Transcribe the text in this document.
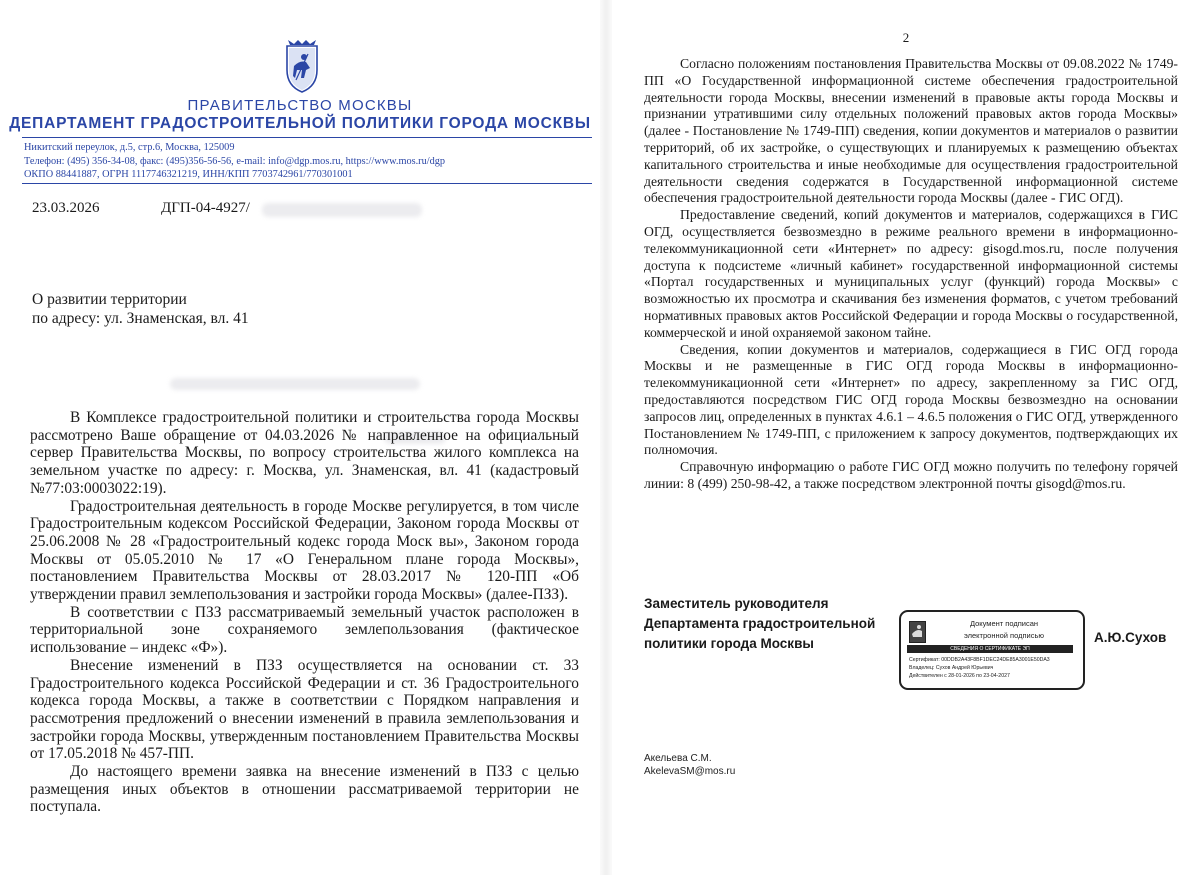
ПРАВИТЕЛЬСТВО МОСКВЫ
ДЕПАРТАМЕНТ ГРАДОСТРОИТЕЛЬНОЙ ПОЛИТИКИ ГОРОДА МОСКВЫ
Никитский переулок, д.5, стр.6, Москва, 125009
Телефон: (495) 356-34-08, факс: (495)356-56-56, e-mail: info@dgp.mos.ru, https://www.mos.ru/dgp
ОКПО 88441887, ОГРН 1117746321219, ИНН/КПП 7703742961/770301001
23.03.2026	ДГП-04-4927/
О развитии территории
по адресу: ул. Знаменская, вл. 41

В Комплексе градостроительной политики и строительства города Москвы рассмотрено Ваше обращение от 04.03.2026 № направленное на официальный сервер Правительства Москвы, по вопросу строительства жилого комплекса на земельном участке по адресу: г. Москва, ул. Знаменская, вл. 41 (кадастровый №77:03:0003022:19).

Градостроительная деятельность в городе Москве регулируется, в том числе Градостроительным кодексом Российской Федерации, Законом города Москвы от 25.06.2008 № 28 «Градостроительный кодекс города Моск вы», Законом города Москвы от 05.05.2010 № 17 «О Генеральном плане города Москвы», постановлением Правительства Москвы от 28.03.2017 № 120-ПП «Об утверждении правил землепользования и застройки города Москвы» (далее-ПЗЗ).

В соответствии с ПЗЗ рассматриваемый земельный участок расположен в территориальной зоне сохраняемого землепользования (фактическое использование – индекс «Ф»).

Внесение изменений в ПЗЗ осуществляется на основании ст. 33 Градостроительного кодекса Российской Федерации и ст. 36 Градостроительного кодекса города Москвы, а также в соответствии с Порядком направления и рассмотрения предложений о внесении изменений в правила землепользования и застройки города Москвы, утвержденным постановлением Правительства Москвы от 17.05.2018 № 457-ПП.

До настоящего времени заявка на внесение изменений в ПЗЗ с целью размещения иных объектов в отношении рассматриваемой территории не поступала.

2

Согласно положениям постановления Правительства Москвы от 09.08.2022 № 1749-ПП «О Государственной информационной системе обеспечения градостроительной деятельности города Москвы, внесении изменений в правовые акты города Москвы и признании утратившими силу отдельных положений правовых актов города Москвы» (далее - Постановление № 1749-ПП) сведения, копии документов и материалов о развитии территорий, об их застройке, о существующих и планируемых к размещению объектах капитального строительства и иные необходимые для осуществления градостроительной деятельности сведения содержатся в Государственной информационной системе обеспечения градостроительной деятельности города Москвы (далее - ГИС ОГД).

Предоставление сведений, копий документов и материалов, содержащихся в ГИС ОГД, осуществляется безвозмездно в режиме реального времени в информационно-телекоммуникационной сети «Интернет» по адресу: gisogd.mos.ru, после получения доступа к подсистеме «личный кабинет» государственной информационной системы «Портал государственных и муниципальных услуг (функций) города Москвы» с возможностью их просмотра и скачивания без изменения форматов, с учетом требований нормативных правовых актов Российской Федерации и города Москвы о государственной, коммерческой и иной охраняемой законом тайне.

Сведения, копии документов и материалов, содержащиеся в ГИС ОГД города Москвы и не размещенные в ГИС ОГД города Москвы в информационно-телекоммуникационной сети «Интернет» по адресу, закрепленному за ГИС ОГД, предоставляются посредством ГИС ОГД города Москвы безвозмездно на основании запросов лиц, определенных в пунктах 4.6.1 – 4.6.5 положения о ГИС ОГД, утвержденного Постановлением № 1749-ПП, с приложением к запросу документов, подтверждающих их полномочия.

Справочную информацию о работе ГИС ОГД можно получить по телефону горячей линии: 8 (499) 250-98-42, а также посредством электронной почты gisogd@mos.ru.

Заместитель руководителя
Департамента градостроительной
политики города Москвы
Документ подписан
электронной подписью
СВЕДЕНИЯ О СЕРТИФИКАТЕ ЭП
Сертификат: 00DDB2A43F8BF1DEC24DE85A3001E50DA3
Владелец: Сухов Андрей Юрьевич
Действителен с 28-01-2026 по 23-04-2027
А.Ю.Сухов
Акельева С.М.
AkelevaSM@mos.ru
